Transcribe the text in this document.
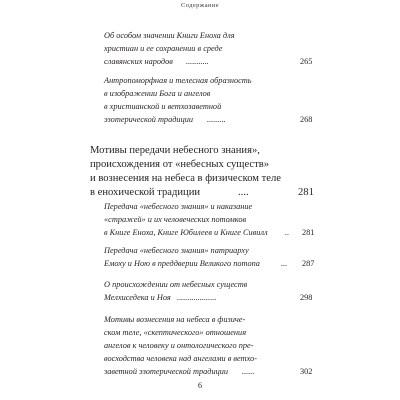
Содержание
Об особом значении Книги Еноха для
христиан и ее сохранении в среде
славянских народов ...........	265
Антропоморфная и телесная образность
в изображении Бога и ангелов
в христианской и ветхозаветной
эзотерической традиции .........	268
Мотивы передачи небесного знания»,
происхождения от «небесных существ»
и вознесения на небеса в физическом теле
в енохической традиции	....	281
Передача «небесного знания» и наказание
«стражей» и их человеческих потомков
в Книге Еноха, Книге Юбилеев и Книге Сивилл .. 281
Передача «небесного знания» патриарху
Емоху и Ною в преддверии Великого потопа	... 287
О происхождении от небесных существ
Мелхиседека и Ноя ...................	298
Мотивы вознесения на небеса в физиче-
ском теле, «скептического» отношения
ангелов к человеку и онтологического пре-
восходства человека над ангелами в ветхо-
заветной эзотерической традиции ......	302
6
